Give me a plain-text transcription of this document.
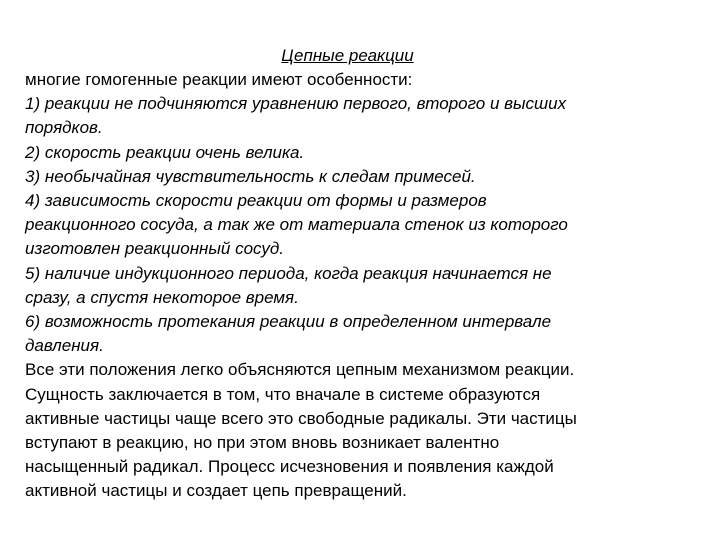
Цепные реакции
многие гомогенные реакции имеют особенности:
1) реакции не подчиняются уравнению первого, второго и высших
порядков.
2) скорость реакции очень велика.
3) необычайная чувствительность к следам примесей.
4) зависимость скорости реакции от формы и размеров
реакционного сосуда, а так же от материала стенок из которого
изготовлен реакционный сосуд.
5) наличие индукционного периода, когда реакция начинается не
сразу, а спустя некоторое время.
6) возможность протекания реакции в определенном интервале
давления.
Все эти положения легко объясняются цепным механизмом реакции.
Сущность заключается в том, что вначале в системе образуются
активные частицы чаще всего это свободные радикалы. Эти частицы
вступают в реакцию, но при этом вновь возникает валентно
насыщенный радикал. Процесс исчезновения и появления каждой
активной частицы и создает цепь превращений.
